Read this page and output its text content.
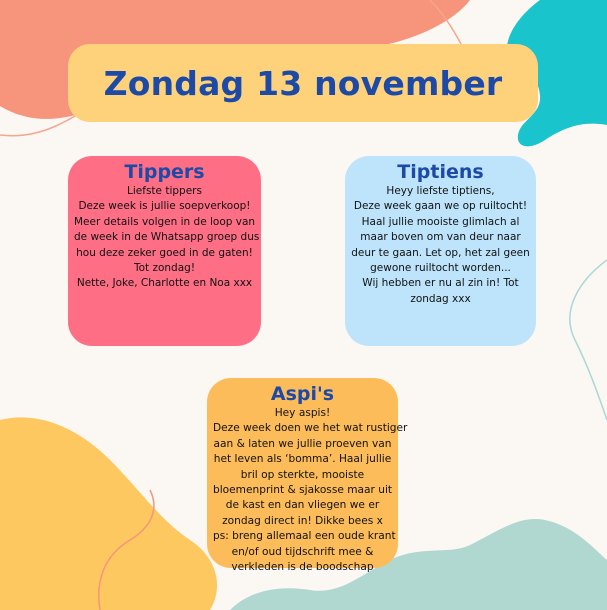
Zondag 13 november
Tippers
Liefste tippers
Deze week is jullie soepverkoop!
Meer details volgen in de loop van
de week in de Whatsapp groep dus
hou deze zeker goed in de gaten!
Tot zondag!
Nette, Joke, Charlotte en Noa xxx
Tiptiens
Heyy liefste tiptiens,
Deze week gaan we op ruiltocht!
Haal jullie mooiste glimlach al
maar boven om van deur naar
deur te gaan. Let op, het zal geen
gewone ruiltocht worden...
Wij hebben er nu al zin in! Tot
zondag xxx
Aspi's
Hey aspis!
Deze week doen we het wat rustiger
aan & laten we jullie proeven van
het leven als ‘bomma’. Haal jullie
bril op sterkte, mooiste
bloemenprint & sjakosse maar uit
de kast en dan vliegen we er
zondag direct in! Dikke bees x
ps: breng allemaal een oude krant
en/of oud tijdschrift mee &
verkleden is de boodschap
